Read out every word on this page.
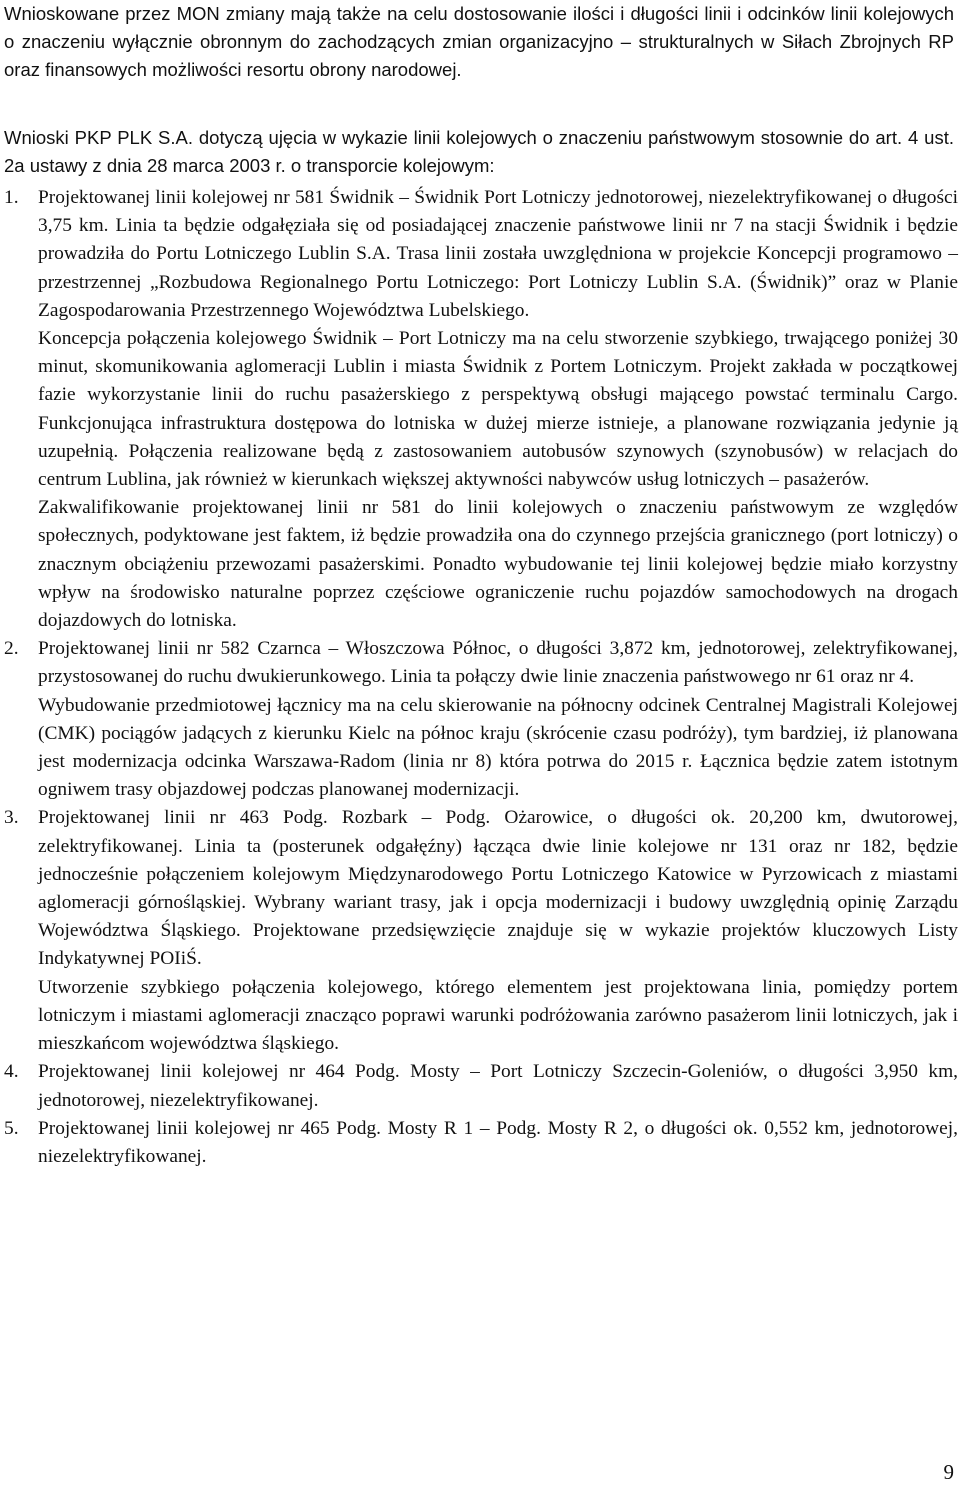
Wnioskowane przez MON zmiany mają także na celu dostosowanie ilości i długości linii i odcinków linii kolejowych o znaczeniu wyłącznie obronnym do zachodzących zmian organizacyjno – strukturalnych w Siłach Zbrojnych RP oraz finansowych możliwości resortu obrony narodowej.

Wnioski PKP PLK S.A. dotyczą ujęcia w wykazie linii kolejowych o znaczeniu państwowym stosownie do art. 4 ust. 2a ustawy z dnia 28 marca 2003 r. o transporcie kolejowym:

1. Projektowanej linii kolejowej nr 581 Świdnik – Świdnik Port Lotniczy jednotorowej, niezelektryfikowanej o długości 3,75 km. Linia ta będzie odgałęziała się od posiadającej znaczenie państwowe linii nr 7 na stacji Świdnik i będzie prowadziła do Portu Lotniczego Lublin S.A. Trasa linii została uwzględniona w projekcie Koncepcji programowo – przestrzennej „Rozbudowa Regionalnego Portu Lotniczego: Port Lotniczy Lublin S.A. (Świdnik)” oraz w Planie Zagospodarowania Przestrzennego Województwa Lubelskiego.

Koncepcja połączenia kolejowego Świdnik – Port Lotniczy ma na celu stworzenie szybkiego, trwającego poniżej 30 minut, skomunikowania aglomeracji Lublin i miasta Świdnik z Portem Lotniczym. Projekt zakłada w początkowej fazie wykorzystanie linii do ruchu pasażerskiego z perspektywą obsługi mającego powstać terminalu Cargo. Funkcjonująca infrastruktura dostępowa do lotniska w dużej mierze istnieje, a planowane rozwiązania jedynie ją uzupełnią. Połączenia realizowane będą z zastosowaniem autobusów szynowych (szynobusów) w relacjach do centrum Lublina, jak również w kierunkach większej aktywności nabywców usług lotniczych – pasażerów.

Zakwalifikowanie projektowanej linii nr 581 do linii kolejowych o znaczeniu państwowym ze względów społecznych, podyktowane jest faktem, iż będzie prowadziła ona do czynnego przejścia granicznego (port lotniczy) o znacznym obciążeniu przewozami pasażerskimi. Ponadto wybudowanie tej linii kolejowej będzie miało korzystny wpływ na środowisko naturalne poprzez częściowe ograniczenie ruchu pojazdów samochodowych na drogach dojazdowych do lotniska.

2. Projektowanej linii nr 582 Czarnca – Włoszczowa Północ, o długości 3,872 km, jednotorowej, zelektryfikowanej, przystosowanej do ruchu dwukierunkowego. Linia ta połączy dwie linie znaczenia państwowego nr 61 oraz nr 4.

Wybudowanie przedmiotowej łącznicy ma na celu skierowanie na północny odcinek Centralnej Magistrali Kolejowej (CMK) pociągów jadących z kierunku Kielc na północ kraju (skrócenie czasu podróży), tym bardziej, iż planowana jest modernizacja odcinka Warszawa-Radom (linia nr 8) która potrwa do 2015 r. Łącznica będzie zatem istotnym ogniwem trasy objazdowej podczas planowanej modernizacji.

3. Projektowanej linii nr 463 Podg. Rozbark – Podg. Ożarowice, o długości ok. 20,200 km, dwutorowej, zelektryfikowanej. Linia ta (posterunek odgałęźny) łącząca dwie linie kolejowe nr 131 oraz nr 182, będzie jednocześnie połączeniem kolejowym Międzynarodowego Portu Lotniczego Katowice w Pyrzowicach z miastami aglomeracji górnośląskiej. Wybrany wariant trasy, jak i opcja modernizacji i budowy uwzględnią opinię Zarządu Województwa Śląskiego. Projektowane przedsięwzięcie znajduje się w wykazie projektów kluczowych Listy Indykatywnej POIiŚ.

Utworzenie szybkiego połączenia kolejowego, którego elementem jest projektowana linia, pomiędzy portem lotniczym i miastami aglomeracji znacząco poprawi warunki podróżowania zarówno pasażerom linii lotniczych, jak i mieszkańcom województwa śląskiego.

4. Projektowanej linii kolejowej nr 464 Podg. Mosty – Port Lotniczy Szczecin-Goleniów, o długości 3,950 km, jednotorowej, niezelektryfikowanej.

5. Projektowanej linii kolejowej nr 465 Podg. Mosty R 1 – Podg. Mosty R 2, o długości ok. 0,552 km, jednotorowej, niezelektryfikowanej.

9
